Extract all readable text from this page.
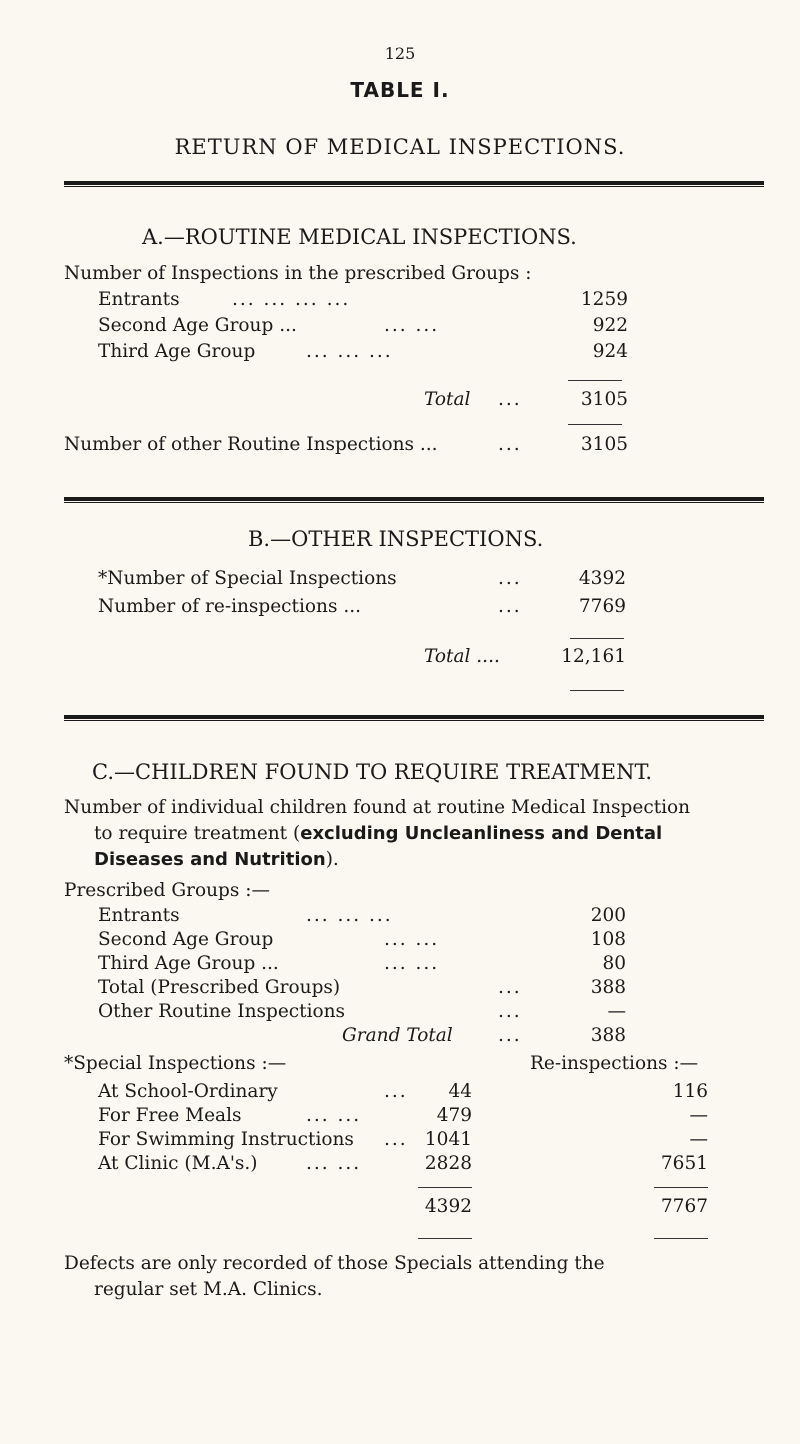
125
TABLE I.
RETURN OF MEDICAL INSPECTIONS.
A.—ROUTINE MEDICAL INSPECTIONS.
Number of Inspections in the prescribed Groups :
Entrants	... ... ... ...	1259
Second Age Group ...	... ...	922
Third Age Group	... ... ...	924
Total ...	3105
Number of other Routine Inspections ...	...	3105
B.—OTHER INSPECTIONS.
*Number of Special Inspections	...	4392
Number of re-inspections ...	...	7769
Total ....	12,161
C.—CHILDREN FOUND TO REQUIRE TREATMENT.
Number of individual children found at routine Medical Inspection
to require treatment (excluding Uncleanliness and Dental
Diseases and Nutrition).
Prescribed Groups :—
Entrants	... ... ...	200
Second Age Group	... ...	108
Third Age Group ...	... ...	80
Total (Prescribed Groups)	...	388
Other Routine Inspections	...	—
Grand Total ...	388
*Special Inspections :—	Re-inspections :—
At School-Ordinary	...	44	116
For Free Meals	... ...	479	—
For Swimming Instructions ... 1041	—
At Clinic (M.A's.)	... ...	2828	7651
4392	7767
Defects are only recorded of those Specials attending the
regular set M.A. Clinics.
